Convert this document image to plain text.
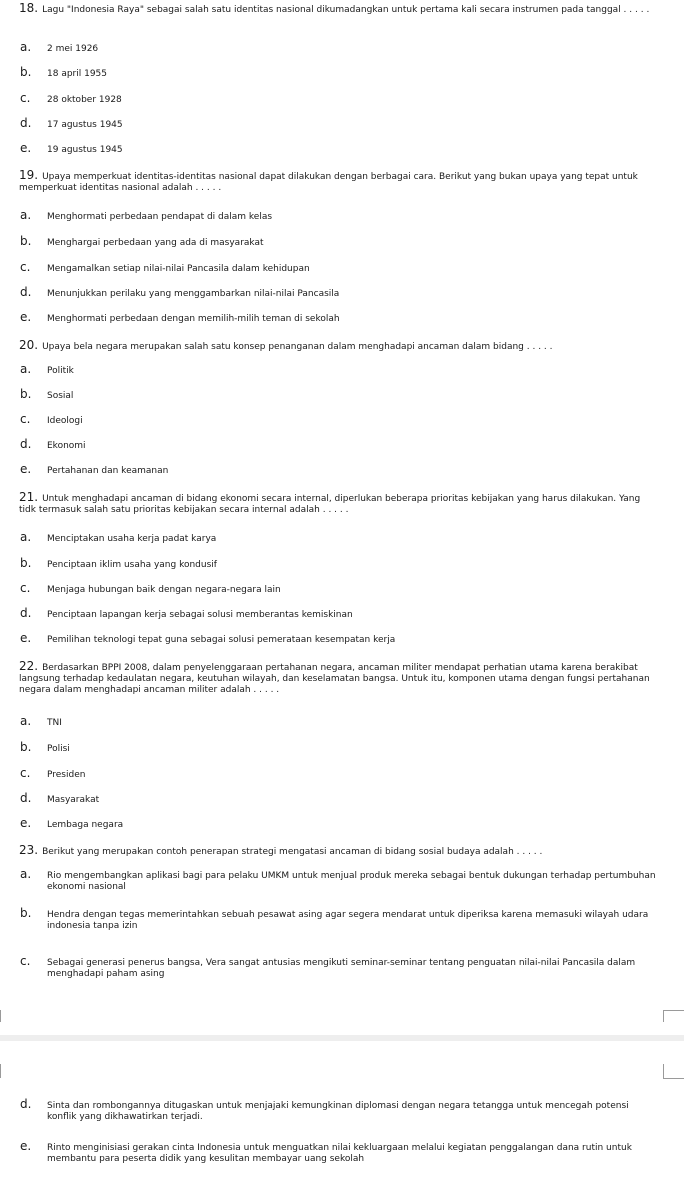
18. Lagu "Indonesia Raya" sebagai salah satu identitas nasional dikumadangkan untuk pertama kali secara instrumen pada tanggal . . . . .
a. 2 mei 1926
b. 18 april 1955
c. 28 oktober 1928
d. 17 agustus 1945
e. 19 agustus 1945
19. Upaya memperkuat identitas-identitas nasional dapat dilakukan dengan berbagai cara. Berikut yang bukan upaya yang tepat untuk memperkuat identitas nasional adalah . . . . .
a. Menghormati perbedaan pendapat di dalam kelas
b. Menghargai perbedaan yang ada di masyarakat
c. Mengamalkan setiap nilai-nilai Pancasila dalam kehidupan
d. Menunjukkan perilaku yang menggambarkan nilai-nilai Pancasila
e. Menghormati perbedaan dengan memilih-milih teman di sekolah
20. Upaya bela negara merupakan salah satu konsep penanganan dalam menghadapi ancaman dalam bidang . . . . .
a. Politik
b. Sosial
c. Ideologi
d. Ekonomi
e. Pertahanan dan keamanan
21. Untuk menghadapi ancaman di bidang ekonomi secara internal, diperlukan beberapa prioritas kebijakan yang harus dilakukan. Yang tidk termasuk salah satu prioritas kebijakan secara internal adalah . . . . .
a. Menciptakan usaha kerja padat karya
b. Penciptaan iklim usaha yang kondusif
c. Menjaga hubungan baik dengan negara-negara lain
d. Penciptaan lapangan kerja sebagai solusi memberantas kemiskinan
e. Pemilihan teknologi tepat guna sebagai solusi pemerataan kesempatan kerja
22. Berdasarkan BPPI 2008, dalam penyelenggaraan pertahanan negara, ancaman militer mendapat perhatian utama karena berakibat langsung terhadap kedaulatan negara, keutuhan wilayah, dan keselamatan bangsa. Untuk itu, komponen utama dengan fungsi pertahanan negara dalam menghadapi ancaman militer adalah . . . . .
a. TNI
b. Polisi
c. Presiden
d. Masyarakat
e. Lembaga negara
23. Berikut yang merupakan contoh penerapan strategi mengatasi ancaman di bidang sosial budaya adalah . . . . .
a. Rio mengembangkan aplikasi bagi para pelaku UMKM untuk menjual produk mereka sebagai bentuk dukungan terhadap pertumbuhan ekonomi nasional
b. Hendra dengan tegas memerintahkan sebuah pesawat asing agar segera mendarat untuk diperiksa karena memasuki wilayah udara indonesia tanpa izin
c. Sebagai generasi penerus bangsa, Vera sangat antusias mengikuti seminar-seminar tentang penguatan nilai-nilai Pancasila dalam menghadapi paham asing
d. Sinta dan rombongannya ditugaskan untuk menjajaki kemungkinan diplomasi dengan negara tetangga untuk mencegah potensi konflik yang dikhawatirkan terjadi.
e. Rinto menginisiasi gerakan cinta Indonesia untuk menguatkan nilai kekluargaan melalui kegiatan penggalangan dana rutin untuk membantu para peserta didik yang kesulitan membayar uang sekolah
